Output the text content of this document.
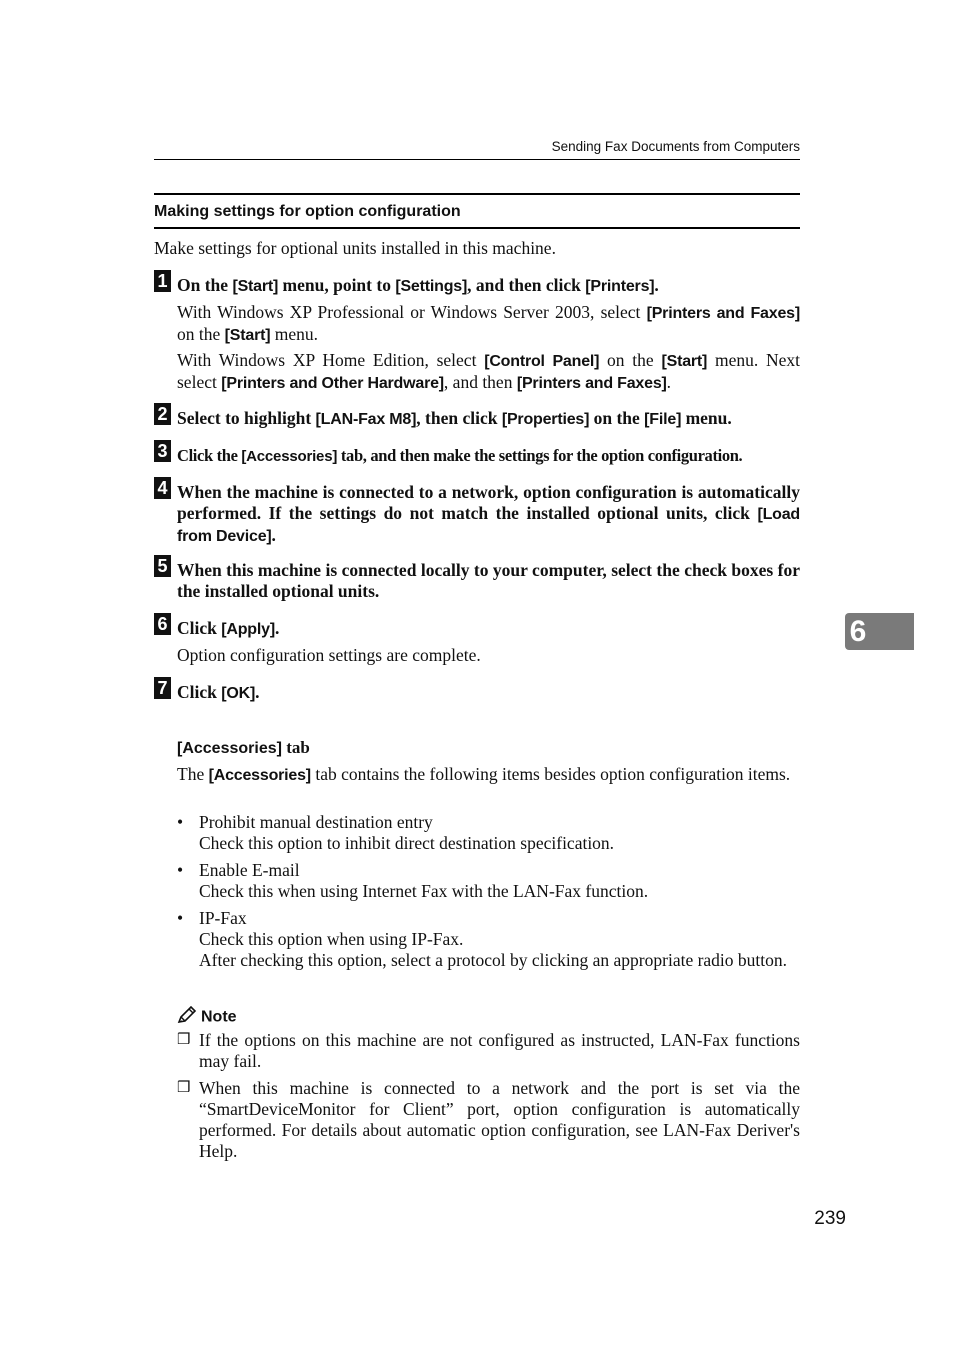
Sending Fax Documents from Computers
Making settings for option configuration
Make settings for optional units installed in this machine.
1 On the [Start] menu, point to [Settings], and then click [Printers].
With Windows XP Professional or Windows Server 2003, select [Printers and Faxes] on the [Start] menu.
With Windows XP Home Edition, select [Control Panel] on the [Start] menu. Next select [Printers and Other Hardware], and then [Printers and Faxes].
2 Select to highlight [LAN-Fax M8], then click [Properties] on the [File] menu.
3 Click the [Accessories] tab, and then make the settings for the option configuration.
4 When the machine is connected to a network, option configuration is automatically performed. If the settings do not match the installed optional units, click [Load from Device].
5 When this machine is connected locally to your computer, select the check boxes for the installed optional units.
6 Click [Apply].
Option configuration settings are complete.
7 Click [OK].
6
[Accessories] tab
The [Accessories] tab contains the following items besides option configuration items.
• Prohibit manual destination entry
Check this option to inhibit direct destination specification.
• Enable E-mail
Check this when using Internet Fax with the LAN-Fax function.
• IP-Fax
Check this option when using IP-Fax.
After checking this option, select a protocol by clicking an appropriate radio button.
Note
❒ If the options on this machine are not configured as instructed, LAN-Fax functions may fail.
❒ When this machine is connected to a network and the port is set via the “SmartDeviceMonitor for Client” port, option configuration is automatically performed. For details about automatic option configuration, see LAN-Fax Deriver's Help.
239
